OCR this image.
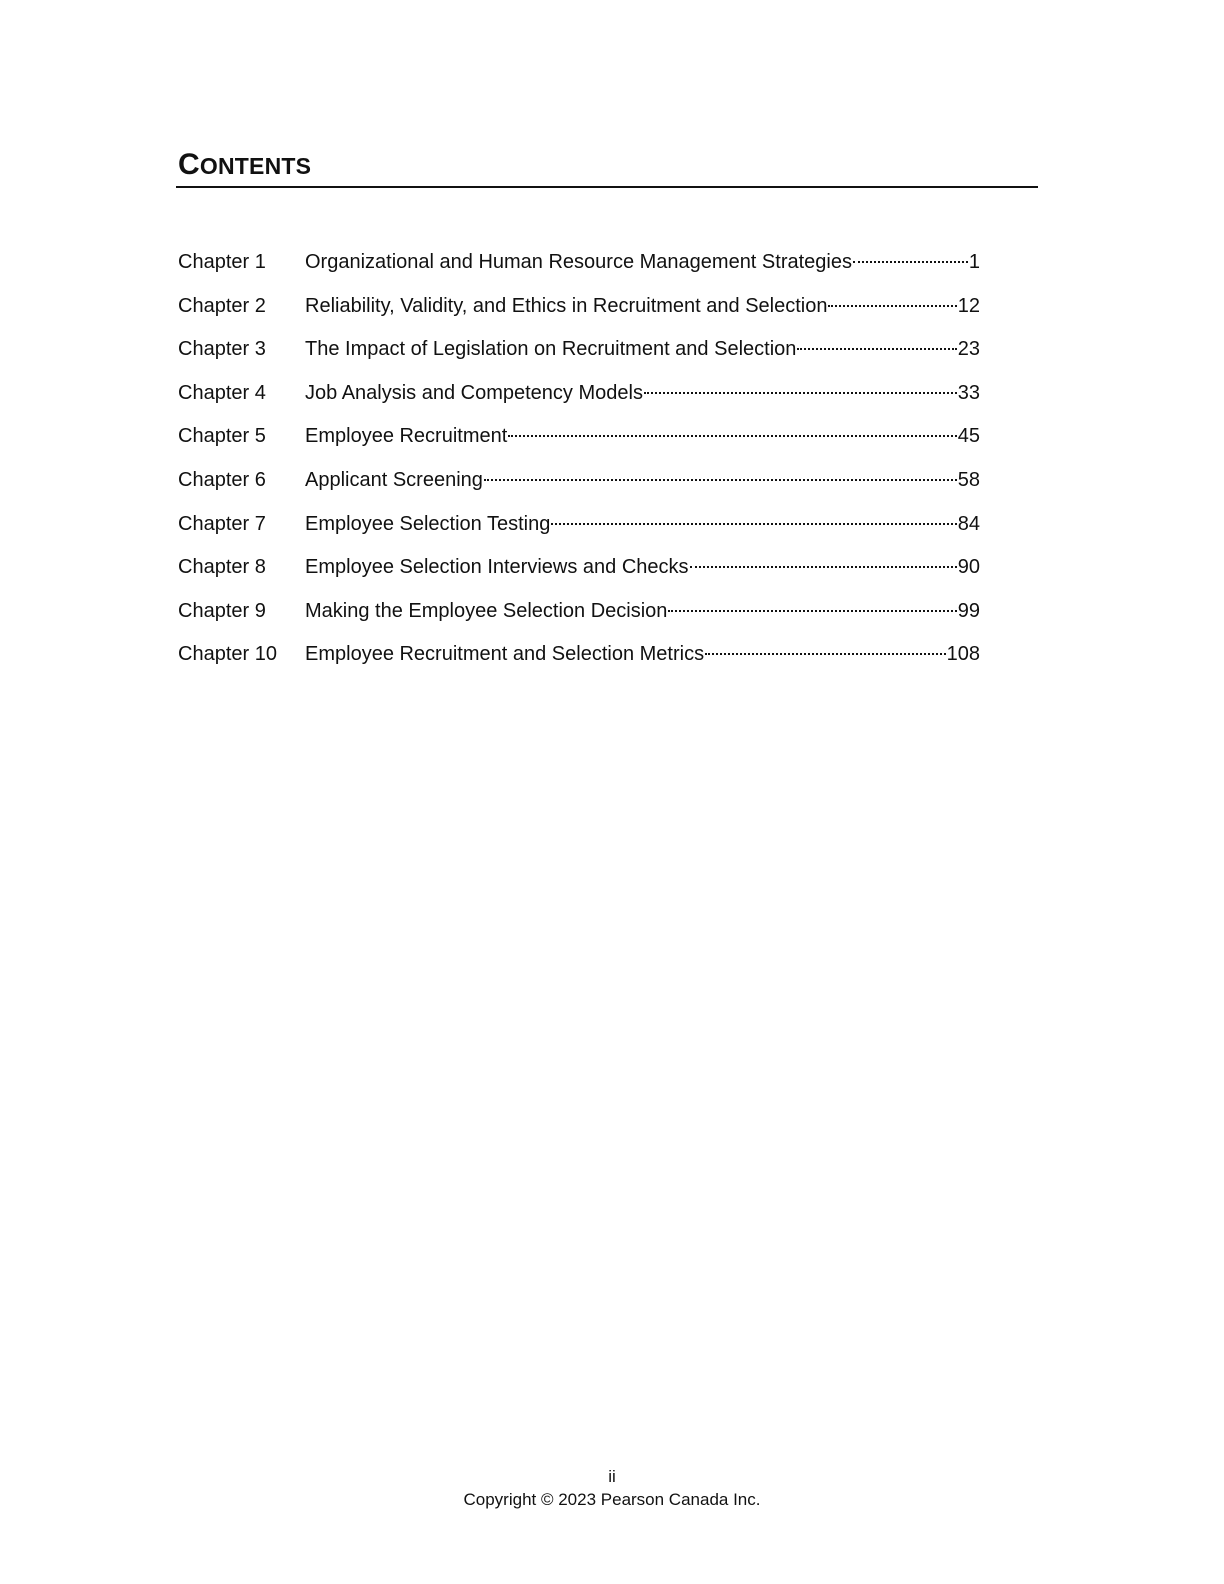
CONTENTS
Chapter 1	Organizational and Human Resource Management Strategies	1
Chapter 2	Reliability, Validity, and Ethics in Recruitment and Selection	12
Chapter 3	The Impact of Legislation on Recruitment and Selection	23
Chapter 4	Job Analysis and Competency Models	33
Chapter 5	Employee Recruitment	45
Chapter 6	Applicant Screening	58
Chapter 7	Employee Selection Testing	84
Chapter 8	Employee Selection Interviews and Checks	90
Chapter 9	Making the Employee Selection Decision	99
Chapter 10	Employee Recruitment and Selection Metrics	108
ii
Copyright © 2023 Pearson Canada Inc.
